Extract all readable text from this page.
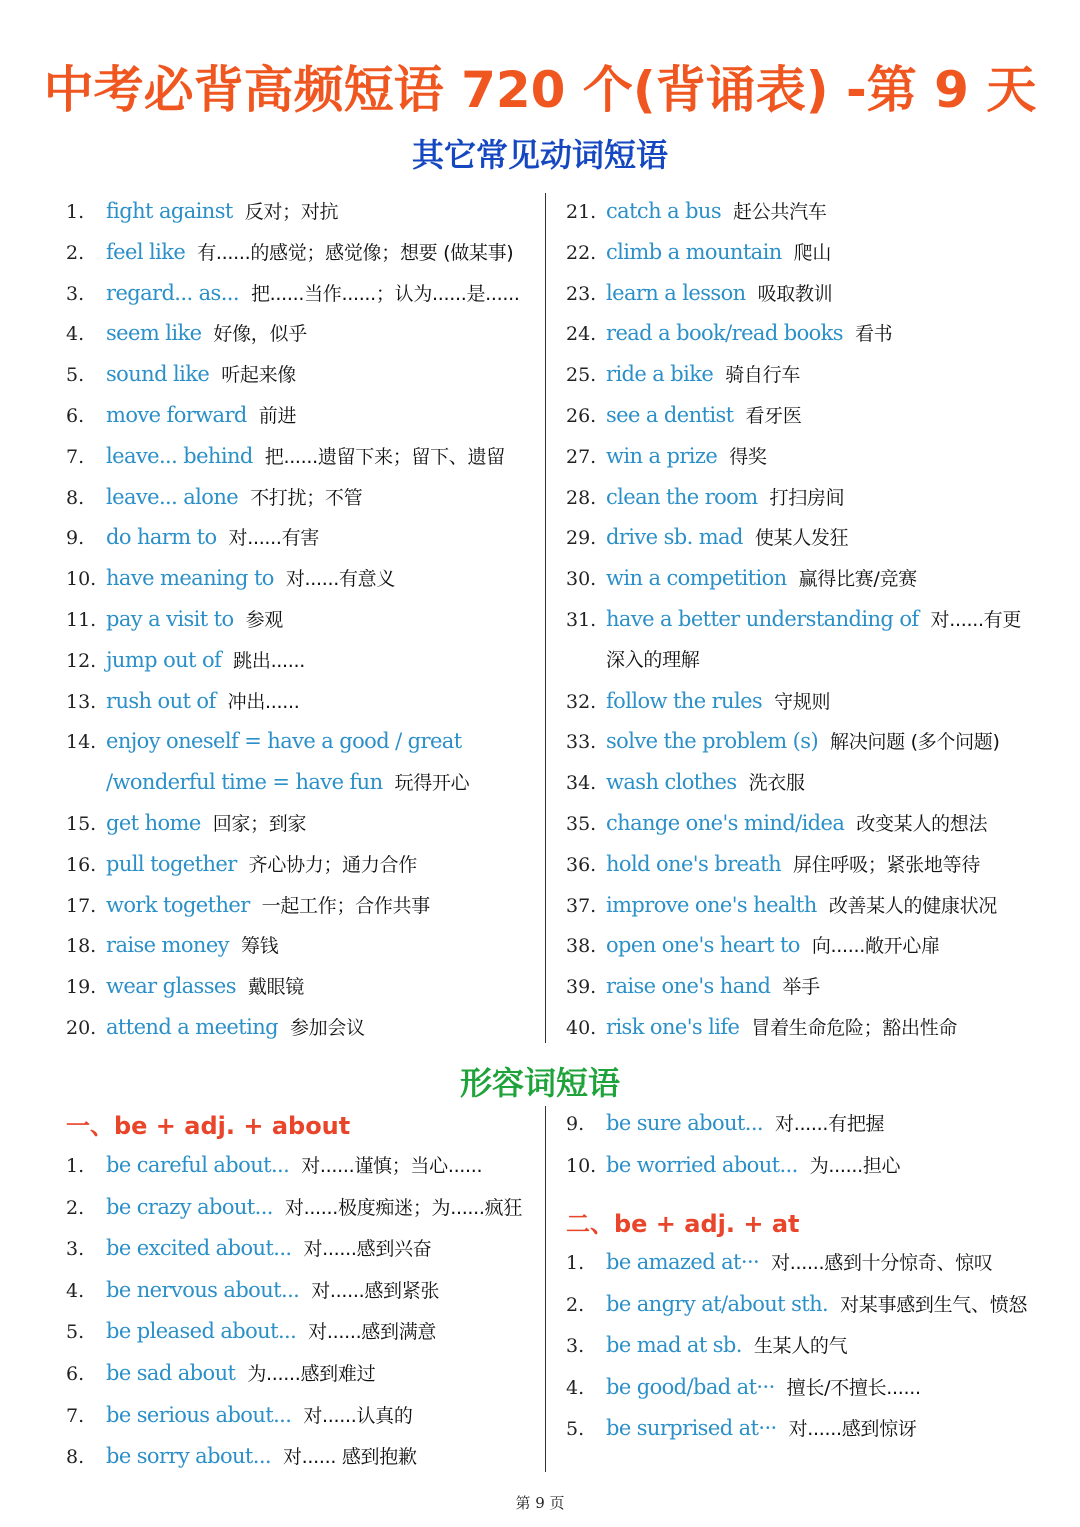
中考必背高频短语 720 个(背诵表) -第 9 天
其它常见动词短语
1.	fight against 反对；对抗
2.	feel like 有......的感觉；感觉像；想要 (做某事)
3.	regard... as... 把......当作......；认为......是......
4.	seem like 好像，似乎
5.	sound like 听起来像
6.	move forward 前进
7.	leave... behind 把......遗留下来；留下、遗留
8.	leave... alone 不打扰；不管
9.	do harm to 对......有害
10. have meaning to 对......有意义
11. pay a visit to 参观
12. jump out of 跳出......
13. rush out of 冲出......
14. enjoy oneself = have a good / great
/wonderful time = have fun 玩得开心
15. get home 回家；到家
16. pull together 齐心协力；通力合作
17. work together 一起工作；合作共事
18. raise money 筹钱
19. wear glasses 戴眼镜
20. attend a meeting 参加会议
21. catch a bus 赶公共汽车
22. climb a mountain 爬山
23. learn a lesson 吸取教训
24. read a book/read books 看书
25. ride a bike 骑自行车
26. see a dentist 看牙医
27. win a prize 得奖
28. clean the room 打扫房间
29. drive sb. mad 使某人发狂
30. win a competition 赢得比赛/竞赛
31. have a better understanding of 对......有更
深入的理解
32. follow the rules 守规则
33. solve the problem (s) 解决问题 (多个问题)
34. wash clothes 洗衣服
35. change one's mind/idea 改变某人的想法
36. hold one's breath 屏住呼吸；紧张地等待
37. improve one's health 改善某人的健康状况
38. open one's heart to 向......敞开心扉
39. raise one's hand 举手
40. risk one's life 冒着生命危险；豁出性命
形容词短语
一、be + adj. + about
1.	be careful about... 对......谨慎；当心......
2.	be crazy about... 对......极度痴迷；为......疯狂
3.	be excited about... 对......感到兴奋
4.	be nervous about... 对......感到紧张
5.	be pleased about... 对......感到满意
6.	be sad about 为......感到难过
7.	be serious about... 对......认真的
8.	be sorry about... 对...... 感到抱歉
9.	be sure about... 对......有把握
10. be worried about... 为......担心
二、be + adj. + at
1.	be amazed at··· 对......感到十分惊奇、惊叹
2.	be angry at/about sth. 对某事感到生气、愤怒
3.	be mad at sb. 生某人的气
4.	be good/bad at··· 擅长/不擅长......
5.	be surprised at··· 对......感到惊讶
第 9 页
